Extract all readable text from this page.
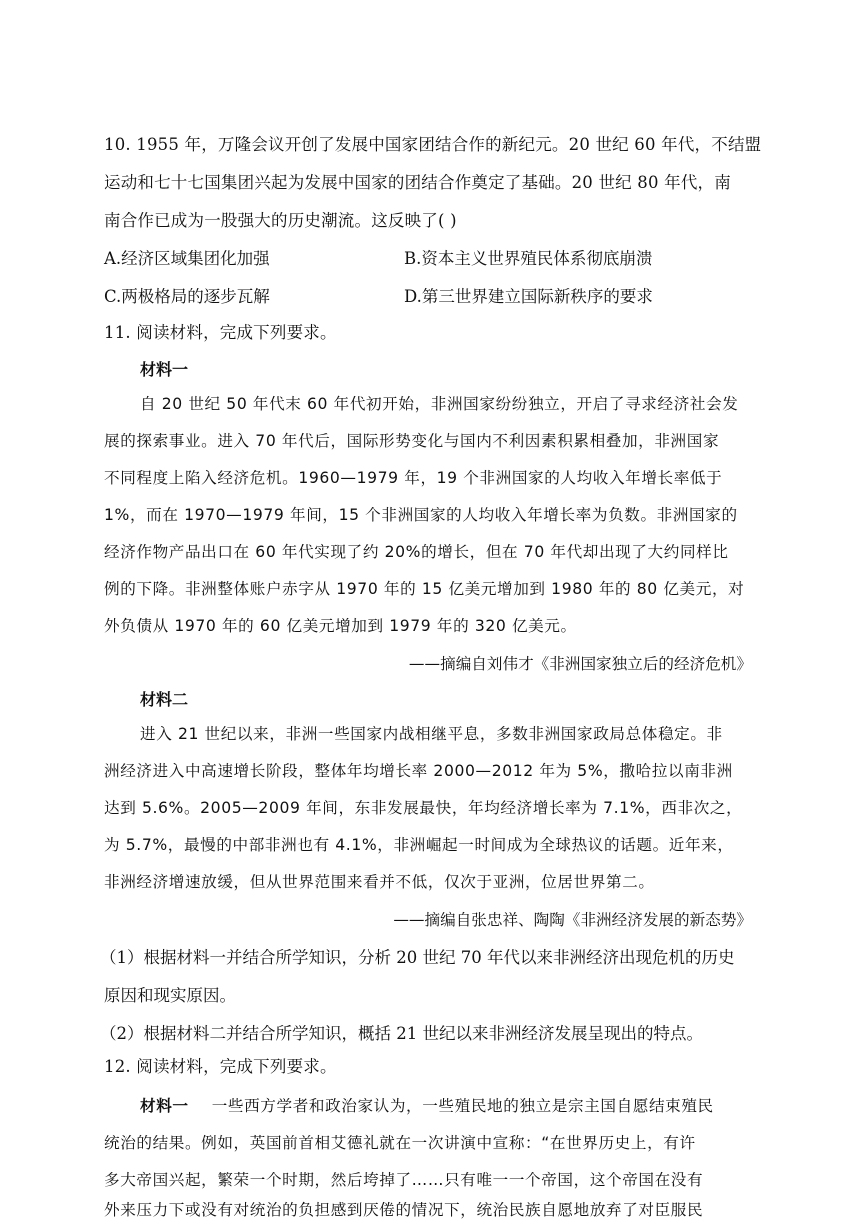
10. 1955 年，万隆会议开创了发展中国家团结合作的新纪元。20 世纪 60 年代，不结盟
运动和七十七国集团兴起为发展中国家的团结合作奠定了基础。20 世纪 80 年代，南
南合作已成为一股强大的历史潮流。这反映了( )
A.经济区域集团化加强	B.资本主义世界殖民体系彻底崩溃
C.两极格局的逐步瓦解	D.第三世界建立国际新秩序的要求
11. 阅读材料，完成下列要求。
材料一
自 20 世纪 50 年代末 60 年代初开始，非洲国家纷纷独立，开启了寻求经济社会发
展的探索事业。进入 70 年代后，国际形势变化与国内不利因素积累相叠加，非洲国家
不同程度上陷入经济危机。1960—1979 年，19 个非洲国家的人均收入年增长率低于
1%，而在 1970—1979 年间，15 个非洲国家的人均收入年增长率为负数。非洲国家的
经济作物产品出口在 60 年代实现了约 20%的增长，但在 70 年代却出现了大约同样比
例的下降。非洲整体账户赤字从 1970 年的 15 亿美元增加到 1980 年的 80 亿美元，对
外负债从 1970 年的 60 亿美元增加到 1979 年的 320 亿美元。
——摘编自刘伟才《非洲国家独立后的经济危机》
材料二
进入 21 世纪以来，非洲一些国家内战相继平息，多数非洲国家政局总体稳定。非
洲经济进入中高速增长阶段，整体年均增长率 2000—2012 年为 5%，撒哈拉以南非洲
达到 5.6%。2005—2009 年间，东非发展最快，年均经济增长率为 7.1%，西非次之，
为 5.7%，最慢的中部非洲也有 4.1%，非洲崛起一时间成为全球热议的话题。近年来，
非洲经济增速放缓，但从世界范围来看并不低，仅次于亚洲，位居世界第二。
——摘编自张忠祥、陶陶《非洲经济发展的新态势》
（1）根据材料一并结合所学知识，分析 20 世纪 70 年代以来非洲经济出现危机的历史
原因和现实原因。
（2）根据材料二并结合所学知识，概括 21 世纪以来非洲经济发展呈现出的特点。
12. 阅读材料，完成下列要求。
材料一 一些西方学者和政治家认为，一些殖民地的独立是宗主国自愿结束殖民
统治的结果。例如，英国前首相艾德礼就在一次讲演中宣称：“在世界历史上，有许
多大帝国兴起，繁荣一个时期，然后垮掉了……只有唯一一个帝国，这个帝国在没有
外来压力下或没有对统治的负担感到厌倦的情况下，统治民族自愿地放弃了对臣服民
